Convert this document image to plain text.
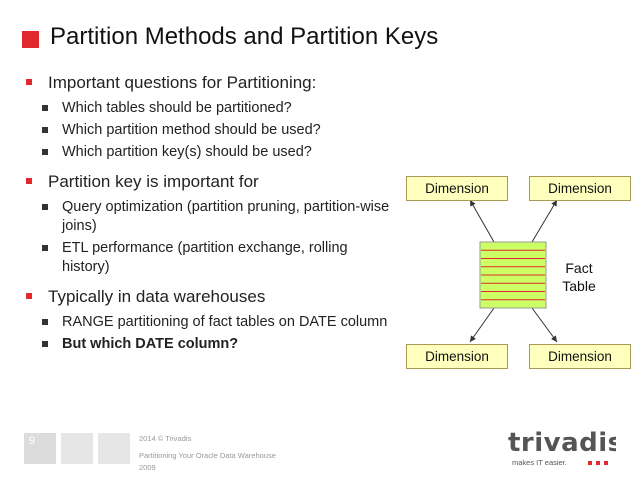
Partition Methods and Partition Keys
Important questions for Partitioning:
Which tables should be partitioned?
Which partition method should be used?
Which partition key(s) should be used?
Partition key is important for
Query optimization (partition pruning, partition-wise joins)
ETL performance (partition exchange, rolling history)
Typically in data warehouses
RANGE partitioning of fact tables on DATE column
But which DATE column?
Dimension	Dimension
Dimension	Dimension
Fact Table
9	2014 © Trivadis
Partitioning Your Oracle Data Warehouse
2009
trivadis
makes IT easier.
